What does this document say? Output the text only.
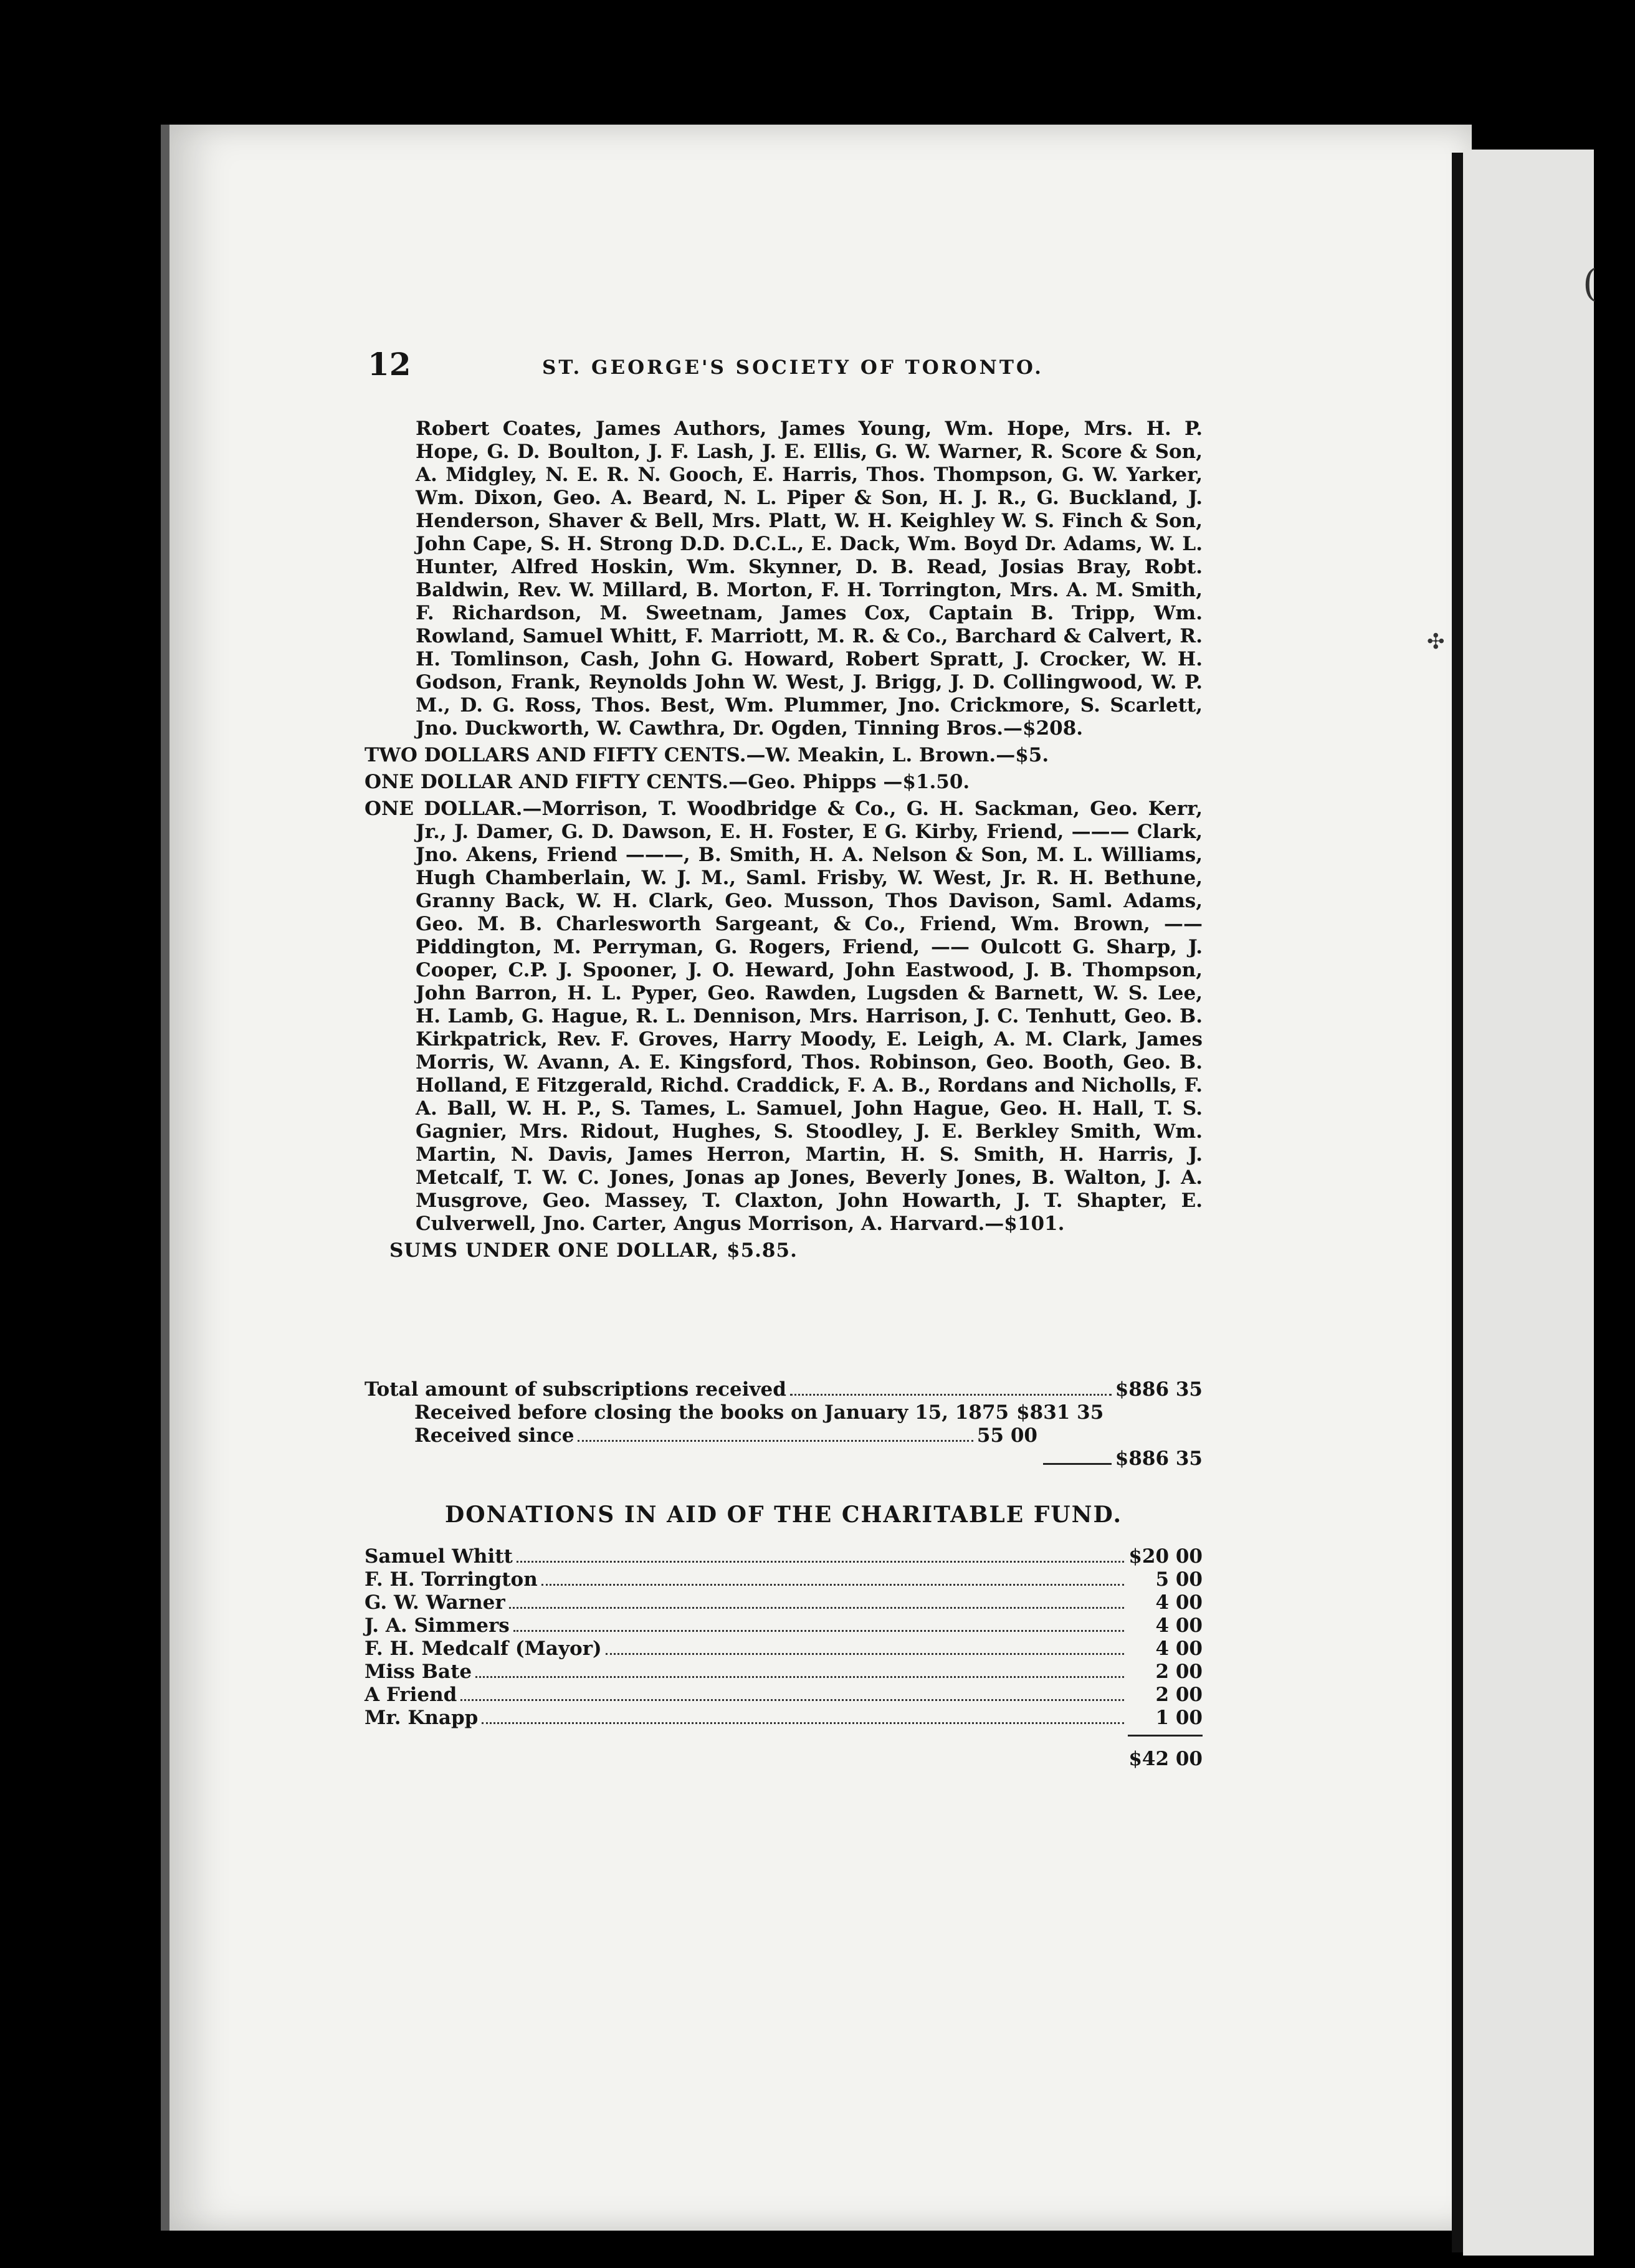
(
✣
12	ST. GEORGE'S SOCIETY OF TORONTO.

Robert Coates, James Authors, James Young, Wm. Hope, Mrs. H. P. Hope, G. D. Boulton, J. F. Lash, J. E. Ellis, G. W. Warner, R. Score & Son, A. Midgley, N. E. R. N. Gooch, E. Harris, Thos. Thompson, G. W. Yarker, Wm. Dixon, Geo. A. Beard, N. L. Piper & Son, H. J. R., G. Buckland, J. Henderson, Shaver & Bell, Mrs. Platt, W. H. Keighley W. S. Finch & Son, John Cape, S. H. Strong D.D. D.C.L., E. Dack, Wm. Boyd Dr. Adams, W. L. Hunter, Alfred Hoskin, Wm. Skynner, D. B. Read, Josias Bray, Robt. Baldwin, Rev. W. Millard, B. Morton, F. H. Torrington, Mrs. A. M. Smith, F. Richardson, M. Sweetnam, James Cox, Captain B. Tripp, Wm. Rowland, Samuel Whitt, F. Marriott, M. R. & Co., Barchard & Calvert, R. H. Tomlinson, Cash, John G. Howard, Robert Spratt, J. Crocker, W. H. Godson, Frank, Reynolds John W. West, J. Brigg, J. D. Collingwood, W. P. M., D. G. Ross, Thos. Best, Wm. Plummer, Jno. Crickmore, S. Scarlett, Jno. Duckworth, W. Cawthra, Dr. Ogden, Tinning Bros.—$208.

TWO DOLLARS AND FIFTY CENTS.—W. Meakin, L. Brown.—$5.

ONE DOLLAR AND FIFTY CENTS.—Geo. Phipps —$1.50.

ONE DOLLAR.—Morrison, T. Woodbridge & Co., G. H. Sackman, Geo. Kerr, Jr., J. Damer, G. D. Dawson, E. H. Foster, E G. Kirby, Friend, ——— Clark, Jno. Akens, Friend ———, B. Smith, H. A. Nelson & Son, M. L. Williams, Hugh Chamberlain, W. J. M., Saml. Frisby, W. West, Jr. R. H. Bethune, Granny Back, W. H. Clark, Geo. Musson, Thos Davison, Saml. Adams, Geo. M. B. Charlesworth Sargeant, & Co., Friend, Wm. Brown, —— Piddington, M. Perryman, G. Rogers, Friend, —— Oulcott G. Sharp, J. Cooper, C.P. J. Spooner, J. O. Heward, John Eastwood, J. B. Thompson, John Barron, H. L. Pyper, Geo. Rawden, Lugsden & Barnett, W. S. Lee, H. Lamb, G. Hague, R. L. Dennison, Mrs. Harrison, J. C. Tenhutt, Geo. B. Kirkpatrick, Rev. F. Groves, Harry Moody, E. Leigh, A. M. Clark, James Morris, W. Avann, A. E. Kingsford, Thos. Robinson, Geo. Booth, Geo. B. Holland, E Fitzgerald, Richd. Craddick, F. A. B., Rordans and Nicholls, F. A. Ball, W. H. P., S. Tames, L. Samuel, John Hague, Geo. H. Hall, T. S. Gagnier, Mrs. Ridout, Hughes, S. Stoodley, J. E. Berkley Smith, Wm. Martin, N. Davis, James Herron, Martin, H. S. Smith, H. Harris, J. Metcalf, T. W. C. Jones, Jonas ap Jones, Beverly Jones, B. Walton, J. A. Musgrove, Geo. Massey, T. Claxton, John Howarth, J. T. Shapter, E. Culverwell, Jno. Carter, Angus Morrison, A. Harvard.—$101.

SUMS UNDER ONE DOLLAR, $5.85.

Total amount of subscriptions received	$886 35
Received before closing the books on January 15, 1875 $831 35
Received since	55 00
$886 35
DONATIONS IN AID OF THE CHARITABLE FUND.
Samuel Whitt	$20 00
F. H. Torrington	5 00
G. W. Warner	4 00
J. A. Simmers	4 00
F. H. Medcalf (Mayor)	4 00
Miss Bate	2 00
A Friend	2 00
Mr. Knapp	1 00
$42 00
